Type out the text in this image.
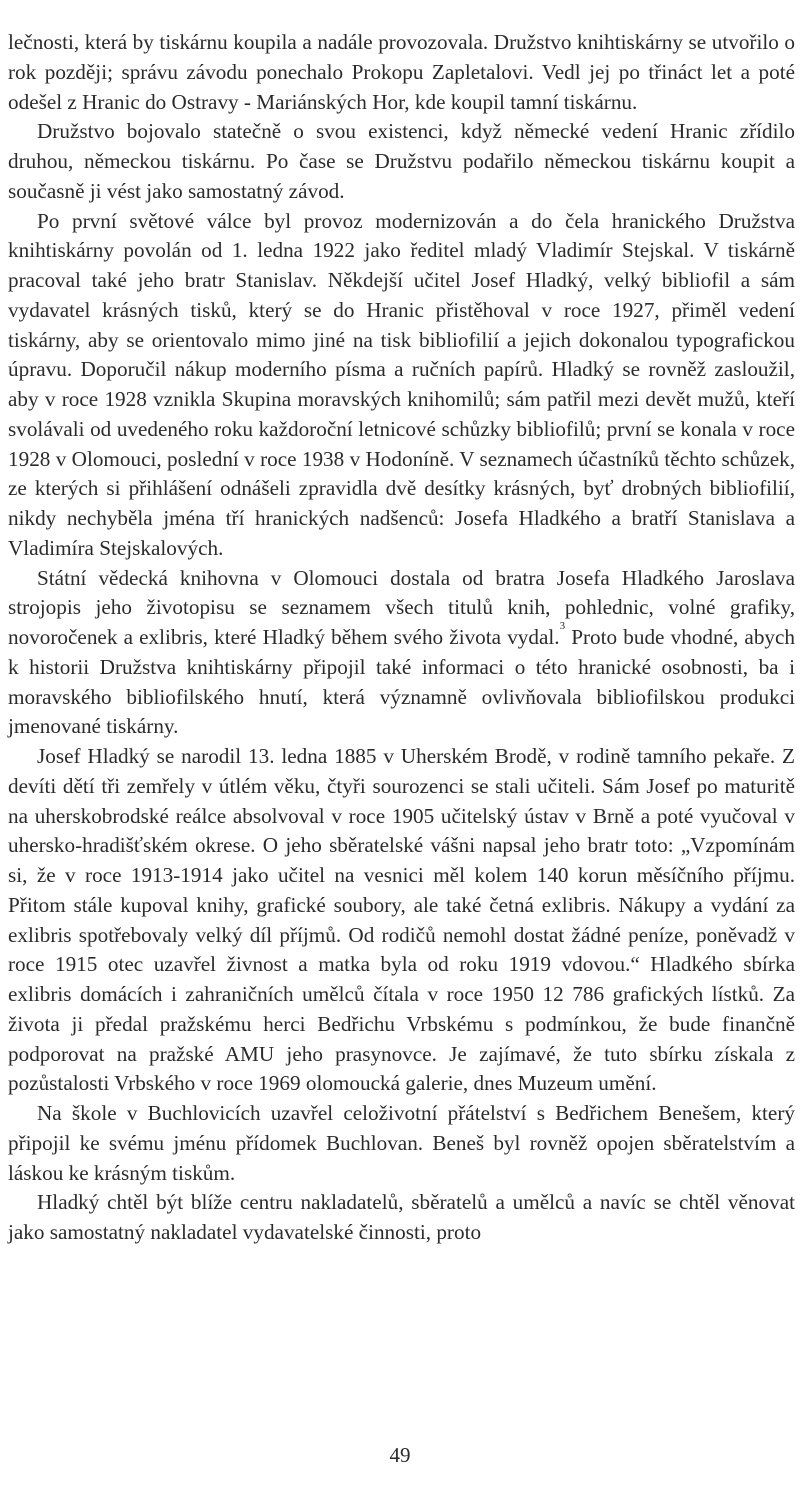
lečnosti, která by tiskárnu koupila a nadále provozovala. Družstvo knihtiskárny se utvořilo o rok později; správu závodu ponechalo Prokopu Zapletalovi. Vedl jej po třináct let a poté odešel z Hranic do Ostravy - Mariánských Hor, kde koupil tamní tiskárnu.

Družstvo bojovalo statečně o svou existenci, když německé vedení Hranic zřídilo druhou, německou tiskárnu. Po čase se Družstvu podařilo německou tiskárnu koupit a současně ji vést jako samostatný závod.

Po první světové válce byl provoz modernizován a do čela hranického Družstva knihtiskárny povolán od 1. ledna 1922 jako ředitel mladý Vladimír Stejskal. V tiskárně pracoval také jeho bratr Stanislav. Někdejší učitel Josef Hladký, velký bibliofil a sám vydavatel krásných tisků, který se do Hranic přistěhoval v roce 1927, přiměl vedení tiskárny, aby se orientovalo mimo jiné na tisk bibliofilií a jejich dokonalou typografickou úpravu. Doporučil nákup moderního písma a ručních papírů. Hladký se rovněž zasloužil, aby v roce 1928 vznikla Skupina moravských knihomilů; sám patřil mezi devět mužů, kteří svolávali od uvedeného roku každoroční letnicové schůzky bibliofilů; první se konala v roce 1928 v Olomouci, poslední v roce 1938 v Hodoníně. V seznamech účastníků těchto schůzek, ze kterých si přihlášení odnášeli zpravidla dvě desítky krásných, byť drobných bibliofilií, nikdy nechyběla jména tří hranických nadšenců: Josefa Hladkého a bratří Stanislava a Vladimíra Stejskalových.

Státní vědecká knihovna v Olomouci dostala od bratra Josefa Hladkého Jaroslava strojopis jeho životopisu se seznamem všech titulů knih, pohlednic, volné grafiky, novoročenek a exlibris, které Hladký během svého života vydal.$^3$ Proto bude vhodné, abych k historii Družstva knihtiskárny připojil také informaci o této hranické osobnosti, ba i moravského bibliofilského hnutí, která významně ovlivňovala bibliofilskou produkci jmenované tiskárny.

Josef Hladký se narodil 13. ledna 1885 v Uherském Brodě, v rodině tamního pekaře. Z devíti dětí tři zemřely v útlém věku, čtyři sourozenci se stali učiteli. Sám Josef po maturitě na uherskobrodské reálce absolvoval v roce 1905 učitelský ústav v Brně a poté vyučoval v uhersko-hradišťském okrese. O jeho sběratelské vášni napsal jeho bratr toto: „Vzpomínám si, že v roce 1913-1914 jako učitel na vesnici měl kolem 140 korun měsíčního příjmu. Přitom stále kupoval knihy, grafické soubory, ale také četná exlibris. Nákupy a vydání za exlibris spotřebovaly velký díl příjmů. Od rodičů nemohl dostat žádné peníze, poněvadž v roce 1915 otec uzavřel živnost a matka byla od roku 1919 vdovou.“ Hladkého sbírka exlibris domácích i zahraničních umělců čítala v roce 1950 12 786 grafických lístků. Za života ji předal pražskému herci Bedřichu Vrbskému s podmínkou, že bude finančně podporovat na pražské AMU jeho prasynovce. Je zajímavé, že tuto sbírku získala z pozůstalosti Vrbského v roce 1969 olomoucká galerie, dnes Muzeum umění.

Na škole v Buchlovicích uzavřel celoživotní přátelství s Bedřichem Benešem, který připojil ke svému jménu přídomek Buchlovan. Beneš byl rovněž opojen sběratelstvím a láskou ke krásným tiskům.

Hladký chtěl být blíže centru nakladatelů, sběratelů a umělců a navíc se chtěl věnovat jako samostatný nakladatel vydavatelské činnosti, proto

49
